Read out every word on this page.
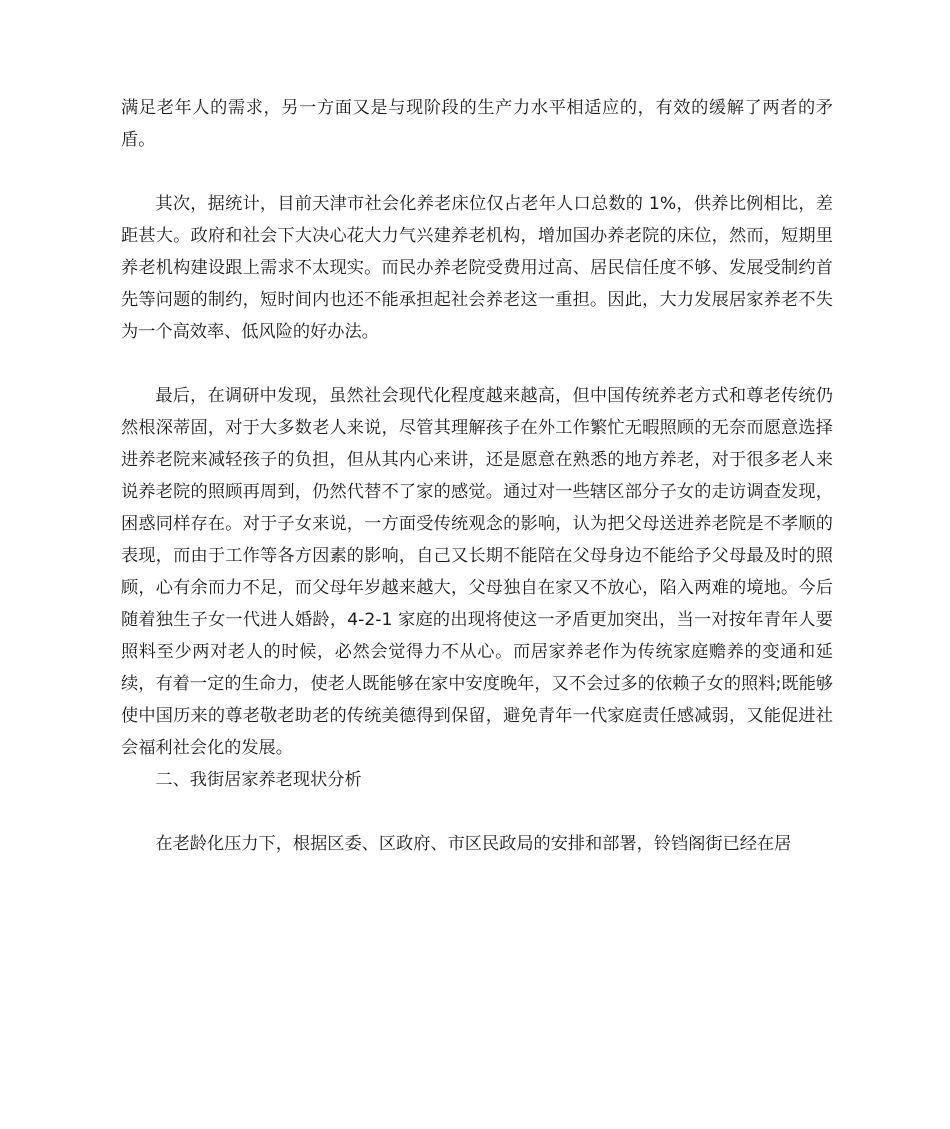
满足老年人的需求，另一方面又是与现阶段的生产力水平相适应的，有效的缓解了两者的矛盾。

其次，据统计，目前天津市社会化养老床位仅占老年人口总数的 1%，供养比例相比，差距甚大。政府和社会下大决心花大力气兴建养老机构，增加国办养老院的床位，然而，短期里养老机构建设跟上需求不太现实。而民办养老院受费用过高、居民信任度不够、发展受制约首先等问题的制约，短时间内也还不能承担起社会养老这一重担。因此，大力发展居家养老不失为一个高效率、低风险的好办法。

最后，在调研中发现，虽然社会现代化程度越来越高，但中国传统养老方式和尊老传统仍然根深蒂固，对于大多数老人来说，尽管其理解孩子在外工作繁忙无暇照顾的无奈而愿意选择进养老院来减轻孩子的负担，但从其内心来讲，还是愿意在熟悉的地方养老，对于很多老人来说养老院的照顾再周到，仍然代替不了家的感觉。通过对一些辖区部分子女的走访调查发现，困惑同样存在。对于子女来说，一方面受传统观念的影响，认为把父母送进养老院是不孝顺的表现，而由于工作等各方因素的影响，自己又长期不能陪在父母身边不能给予父母最及时的照顾，心有余而力不足，而父母年岁越来越大，父母独自在家又不放心，陷入两难的境地。今后随着独生子女一代进人婚龄，4-2-1 家庭的出现将使这一矛盾更加突出，当一对按年青年人要照料至少两对老人的时候，必然会觉得力不从心。而居家养老作为传统家庭赡养的变通和延续，有着一定的生命力，使老人既能够在家中安度晚年，又不会过多的依赖子女的照料;既能够使中国历来的尊老敬老助老的传统美德得到保留，避免青年一代家庭责任感减弱，又能促进社会福利社会化的发展。

二、我街居家养老现状分析

在老龄化压力下，根据区委、区政府、市区民政局的安排和部署，铃铛阁街已经在居
